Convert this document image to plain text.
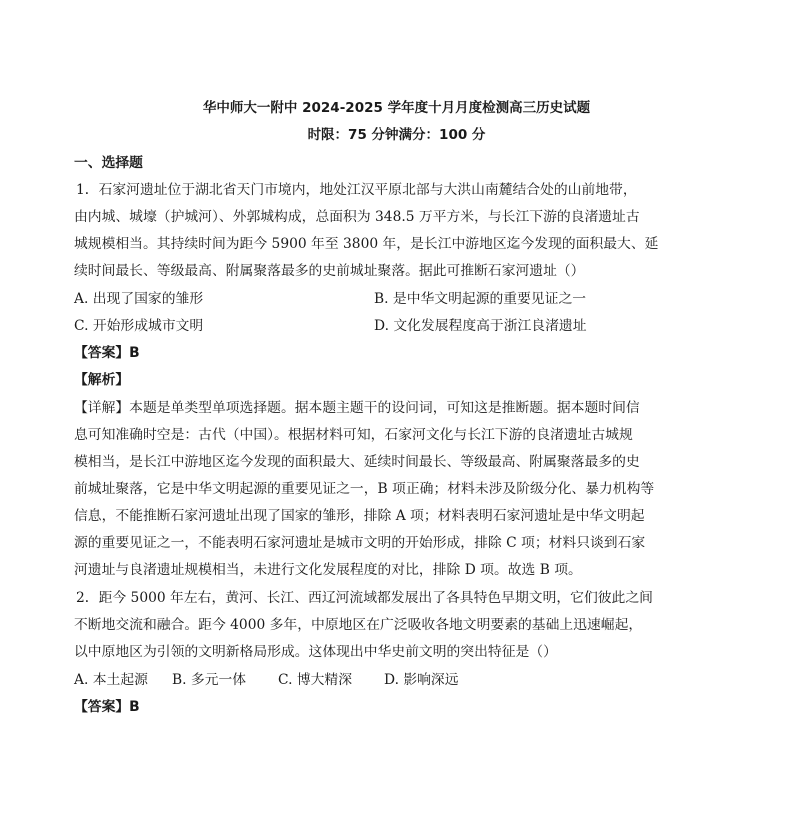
华中师大一附中 2024-2025 学年度十月月度检测高三历史试题
时限：75 分钟满分：100 分
一、选择题
1．石家河遗址位于湖北省天门市境内，地处江汉平原北部与大洪山南麓结合处的山前地带，
由内城、城壕（护城河）、外郭城构成，总面积为 348.5 万平方米，与长江下游的良渚遗址古
城规模相当。其持续时间为距今 5900 年至 3800 年，是长江中游地区迄今发现的面积最大、延
续时间最长、等级最高、附属聚落最多的史前城址聚落。据此可推断石家河遗址（）
A. 出现了国家的雏形	B. 是中华文明起源的重要见证之一
C. 开始形成城市文明	D. 文化发展程度高于浙江良渚遗址
【答案】B
【解析】
【详解】本题是单类型单项选择题。据本题主题干的设问词，可知这是推断题。据本题时间信
息可知准确时空是：古代（中国）。根据材料可知，石家河文化与长江下游的良渚遗址古城规
模相当，是长江中游地区迄今发现的面积最大、延续时间最长、等级最高、附属聚落最多的史
前城址聚落，它是中华文明起源的重要见证之一，B 项正确；材料未涉及阶级分化、暴力机构等
信息，不能推断石家河遗址出现了国家的雏形，排除 A 项；材料表明石家河遗址是中华文明起
源的重要见证之一，不能表明石家河遗址是城市文明的开始形成，排除 C 项；材料只谈到石家
河遗址与良渚遗址规模相当，未进行文化发展程度的对比，排除 D 项。故选 B 项。
2．距今 5000 年左右，黄河、长江、西辽河流域都发展出了各具特色早期文明，它们彼此之间
不断地交流和融合。距今 4000 多年，中原地区在广泛吸收各地文明要素的基础上迅速崛起，
以中原地区为引领的文明新格局形成。这体现出中华史前文明的突出特征是（）
A. 本土起源 B. 多元一体 C. 博大精深 D. 影响深远
【答案】B
